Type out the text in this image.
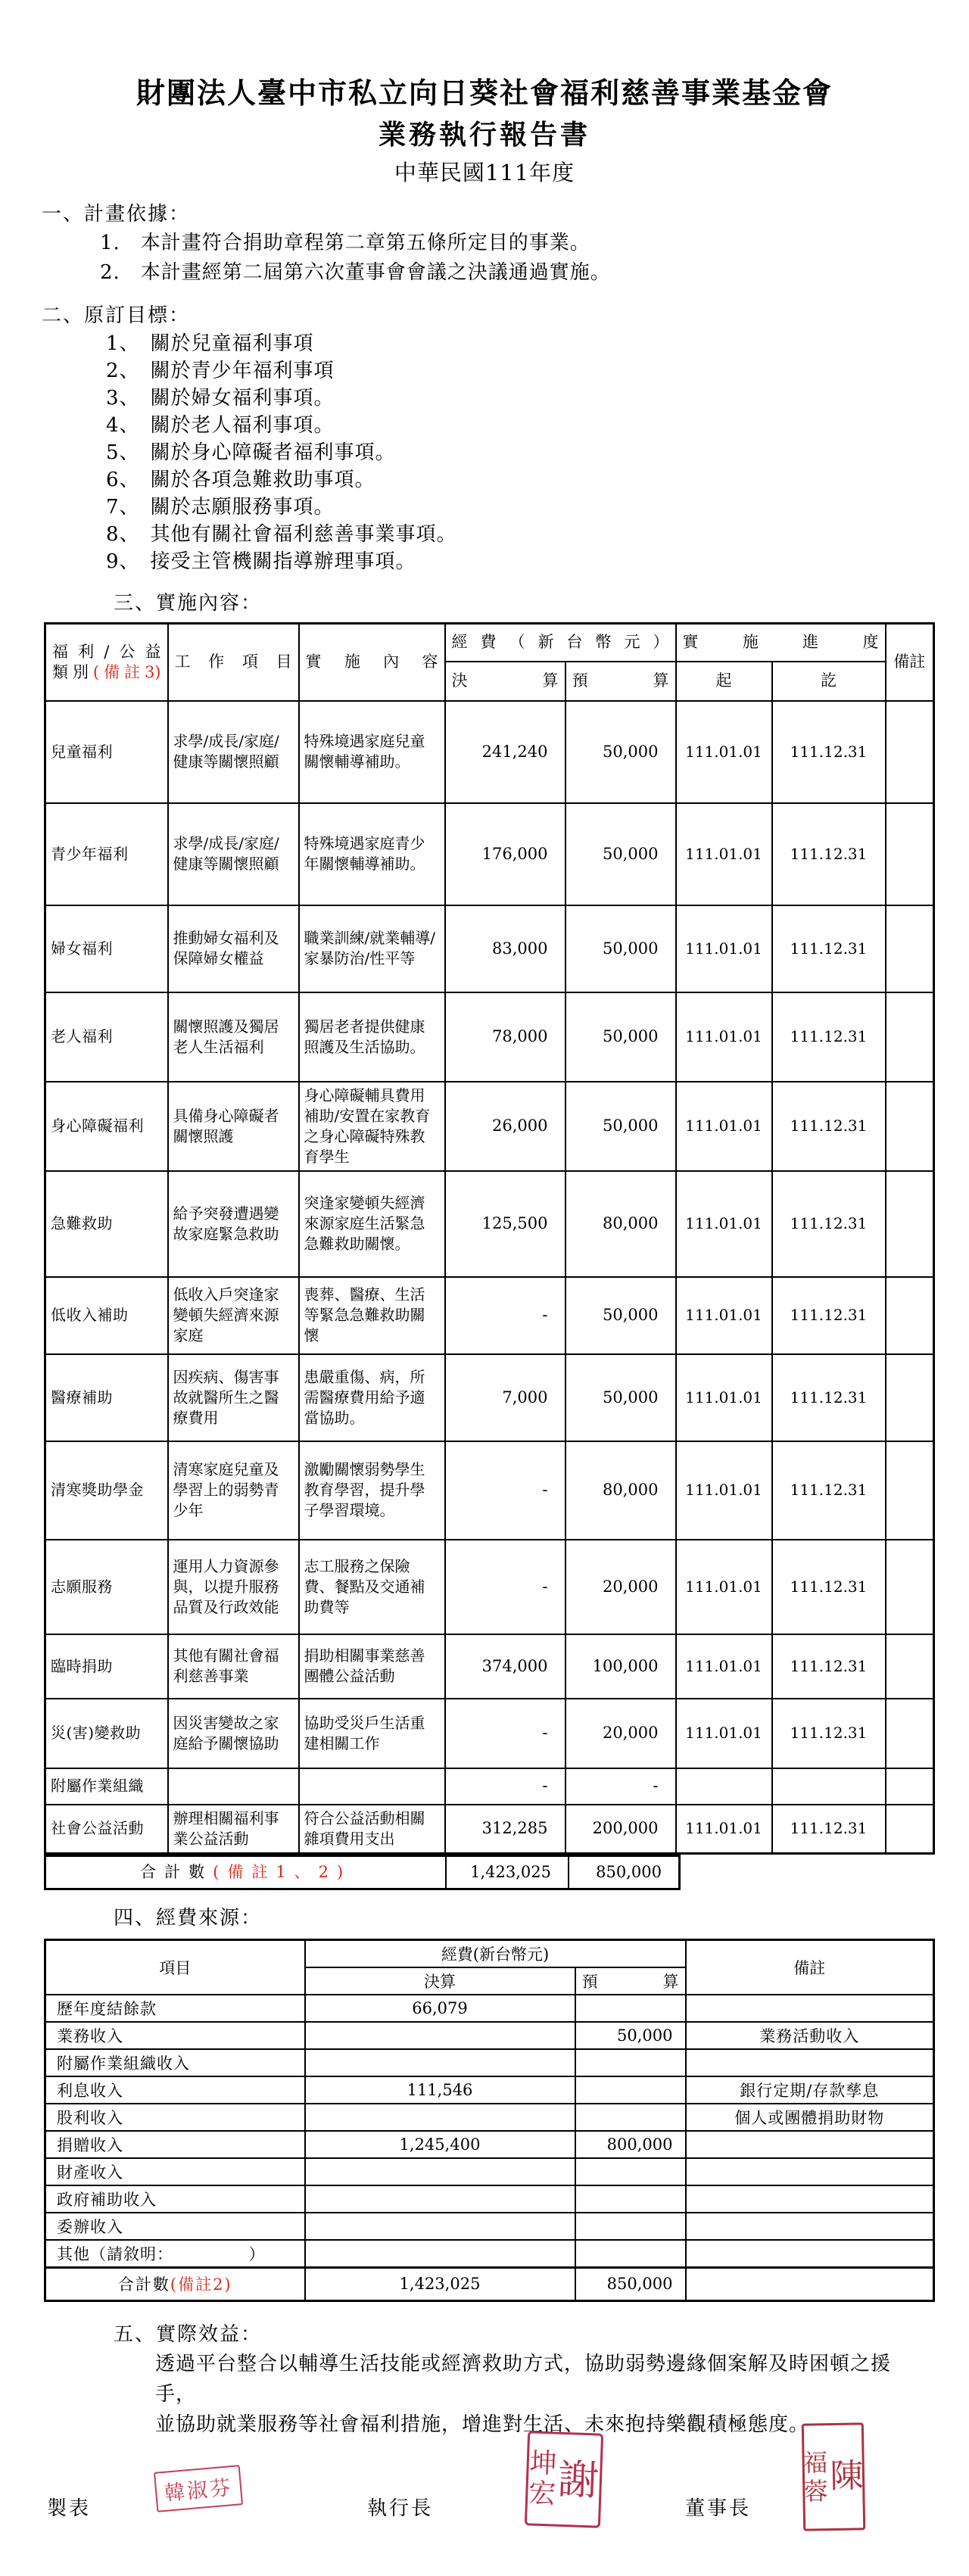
財團法人臺中市私立向日葵社會福利慈善事業基金會
業務執行報告書
中華民國111年度
一、計畫依據：
1.　本計畫符合捐助章程第二章第五條所定目的事業。
2.　本計畫經第二屆第六次董事會會議之決議通過實施。
二、原訂目標：
1、　關於兒童福利事項
2、　關於青少年福利事項
3、　關於婦女福利事項。
4、　關於老人福利事項。
5、　關於身心障礙者福利事項。
6、　關於各項急難救助事項。
7、　關於志願服務事項。
8、　其他有關社會福利慈善事業事項。
9、　接受主管機關指導辦理事項。
三、實施內容：
福利/公益
類別(備註3)	工作項目	實施內容	經費（新台幣元）		實施進度		備註
			決算	預算	起	訖	
兒童福利	求學/成長/家庭/健康等關懷照顧	特殊境遇家庭兒童關懷輔導補助。	241,240	50,000	111.01.01	111.12.31	
青少年福利	求學/成長/家庭/健康等關懷照顧	特殊境遇家庭青少年關懷輔導補助。	176,000	50,000	111.01.01	111.12.31	
婦女福利	推動婦女福利及保障婦女權益	職業訓練/就業輔導/家暴防治/性平等	83,000	50,000	111.01.01	111.12.31	
老人福利	關懷照護及獨居老人生活福利	獨居老者提供健康照護及生活協助。	78,000	50,000	111.01.01	111.12.31	
身心障礙福利	具備身心障礙者關懷照護	身心障礙輔具費用補助/安置在家教育之身心障礙特殊教育學生	26,000	50,000	111.01.01	111.12.31	
急難救助	給予突發遭遇變故家庭緊急救助	突逢家變頓失經濟來源家庭生活緊急急難救助關懷。	125,500	80,000	111.01.01	111.12.31	
低收入補助	低收入戶突逢家變頓失經濟來源家庭	喪葬、醫療、生活等緊急急難救助關懷	-	50,000	111.01.01	111.12.31	
醫療補助	因疾病、傷害事故就醫所生之醫療費用	患嚴重傷、病，所需醫療費用給予適當協助。	7,000	50,000	111.01.01	111.12.31	
清寒獎助學金	清寒家庭兒童及學習上的弱勢青少年	激勵關懷弱勢學生教育學習，提升學子學習環境。	-	80,000	111.01.01	111.12.31	
志願服務	運用人力資源參與，以提升服務品質及行政效能	志工服務之保險費、餐點及交通補助費等	-	20,000	111.01.01	111.12.31	
臨時捐助	其他有關社會福利慈善事業	捐助相關事業慈善團體公益活動	374,000	100,000	111.01.01	111.12.31	
災(害)變救助	因災害變故之家庭給予關懷協助	協助受災戶生活重建相關工作	-	20,000	111.01.01	111.12.31	
附屬作業組織			-	-			
社會公益活動	辦理相關福利事業公益活動	符合公益活動相關雜項費用支出	312,285	200,000	111.01.01	111.12.31	
合計數(備註1、2)	1,423,025	850,000
四、經費來源：
項目	經費(新台幣元)		備註
	決算	預算	
歷年度結餘款	66,079		
業務收入		50,000	業務活動收入
附屬作業組織收入			
利息收入	111,546		銀行定期/存款孳息
股利收入			個人或團體捐助財物
捐贈收入	1,245,400	800,000	
財產收入			
政府補助收入			
委辦收入			
其他（請敘明：　　　　　）			
合計數(備註2)	1,423,025	850,000	
五、實際效益：
透過平台整合以輔導生活技能或經濟救助方式，協助弱勢邊緣個案解及時困頓之援手，
並協助就業服務等社會福利措施，增進對生活、未來抱持樂觀積極態度。
製表
韓淑芬
執行長
謝
坤
宏	董事長
陳
福
蓉
